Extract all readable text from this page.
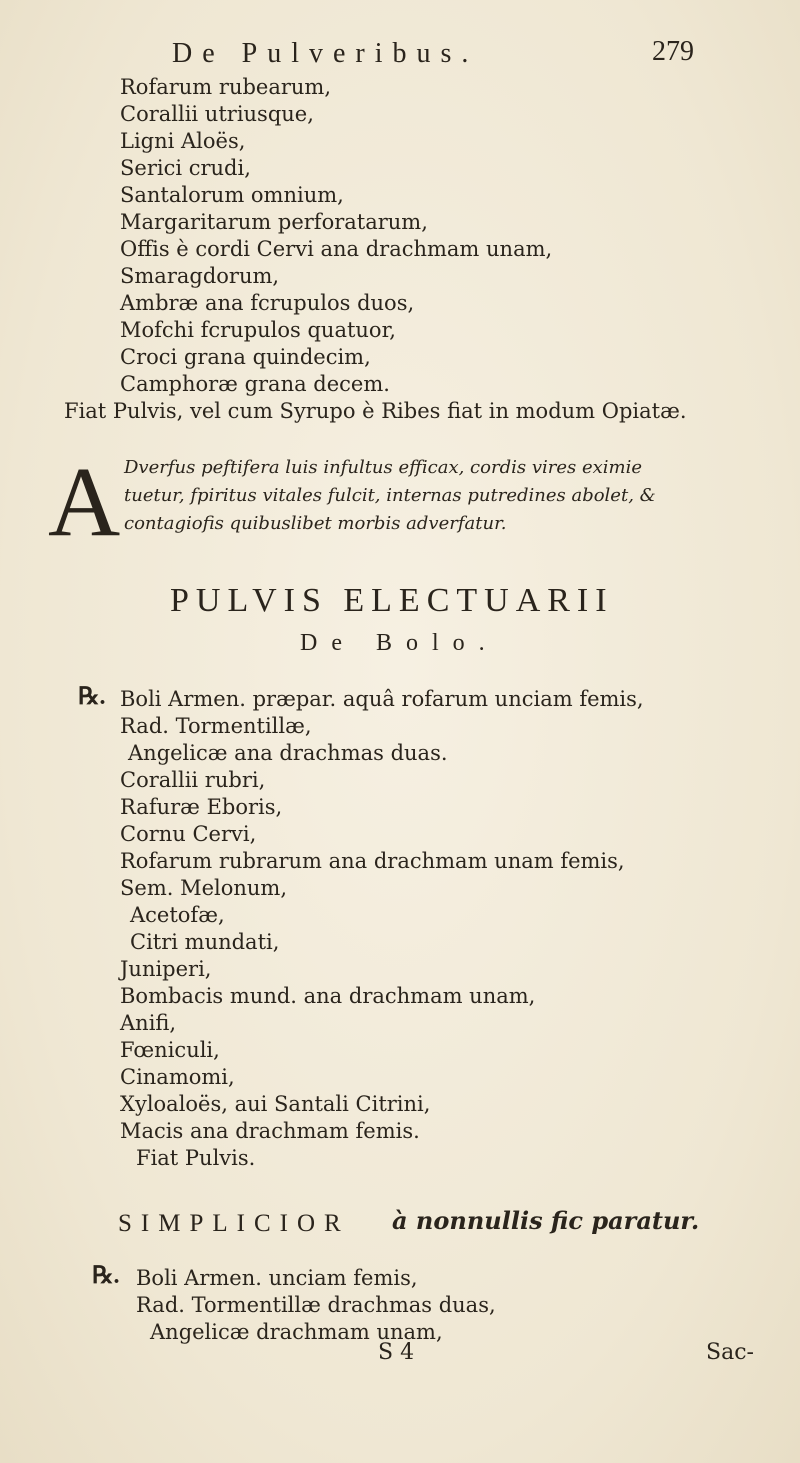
De Pulveribus.	279
Rofarum rubearum,
Corallii utriusque,
Ligni Aloës,
Serici crudi,
Santalorum omnium,
Margaritarum perforatarum,
Offis è cordi Cervi ana drachmam unam,
Smaragdorum,
Ambræ ana fcrupulos duos,
Mofchi fcrupulos quatuor,
Croci grana quindecim,
Camphoræ grana decem.
Fiat Pulvis, vel cum Syrupo è Ribes fiat in modum Opiatæ.
A Dverfus peftifera luis infultus efficax, cordis vires eximie
tuetur, fpiritus vitales fulcit, internas putredines abolet, &
contagiofis quibuslibet morbis adverfatur.
PULVIS ELECTUARII
De Bolo.
℞. Boli Armen. præpar. aquâ rofarum unciam femis,
Rad. Tormentillæ,
Angelicæ ana drachmas duas.
Corallii rubri,
Rafuræ Eboris,
Cornu Cervi,
Rofarum rubrarum ana drachmam unam femis,
Sem. Melonum,
Acetofæ,
Citri mundati,
Juniperi,
Bombacis mund. ana drachmam unam,
Anifi,
Fœniculi,
Cinamomi,
Xyloaloës, aui Santali Citrini,
Macis ana drachmam femis.
Fiat Pulvis.
SIMPLICIOR à nonnullis fic paratur.
℞. Boli Armen. unciam femis,
Rad. Tormentillæ drachmas duas,
Angelicæ drachmam unam,
S 4	Sac-
